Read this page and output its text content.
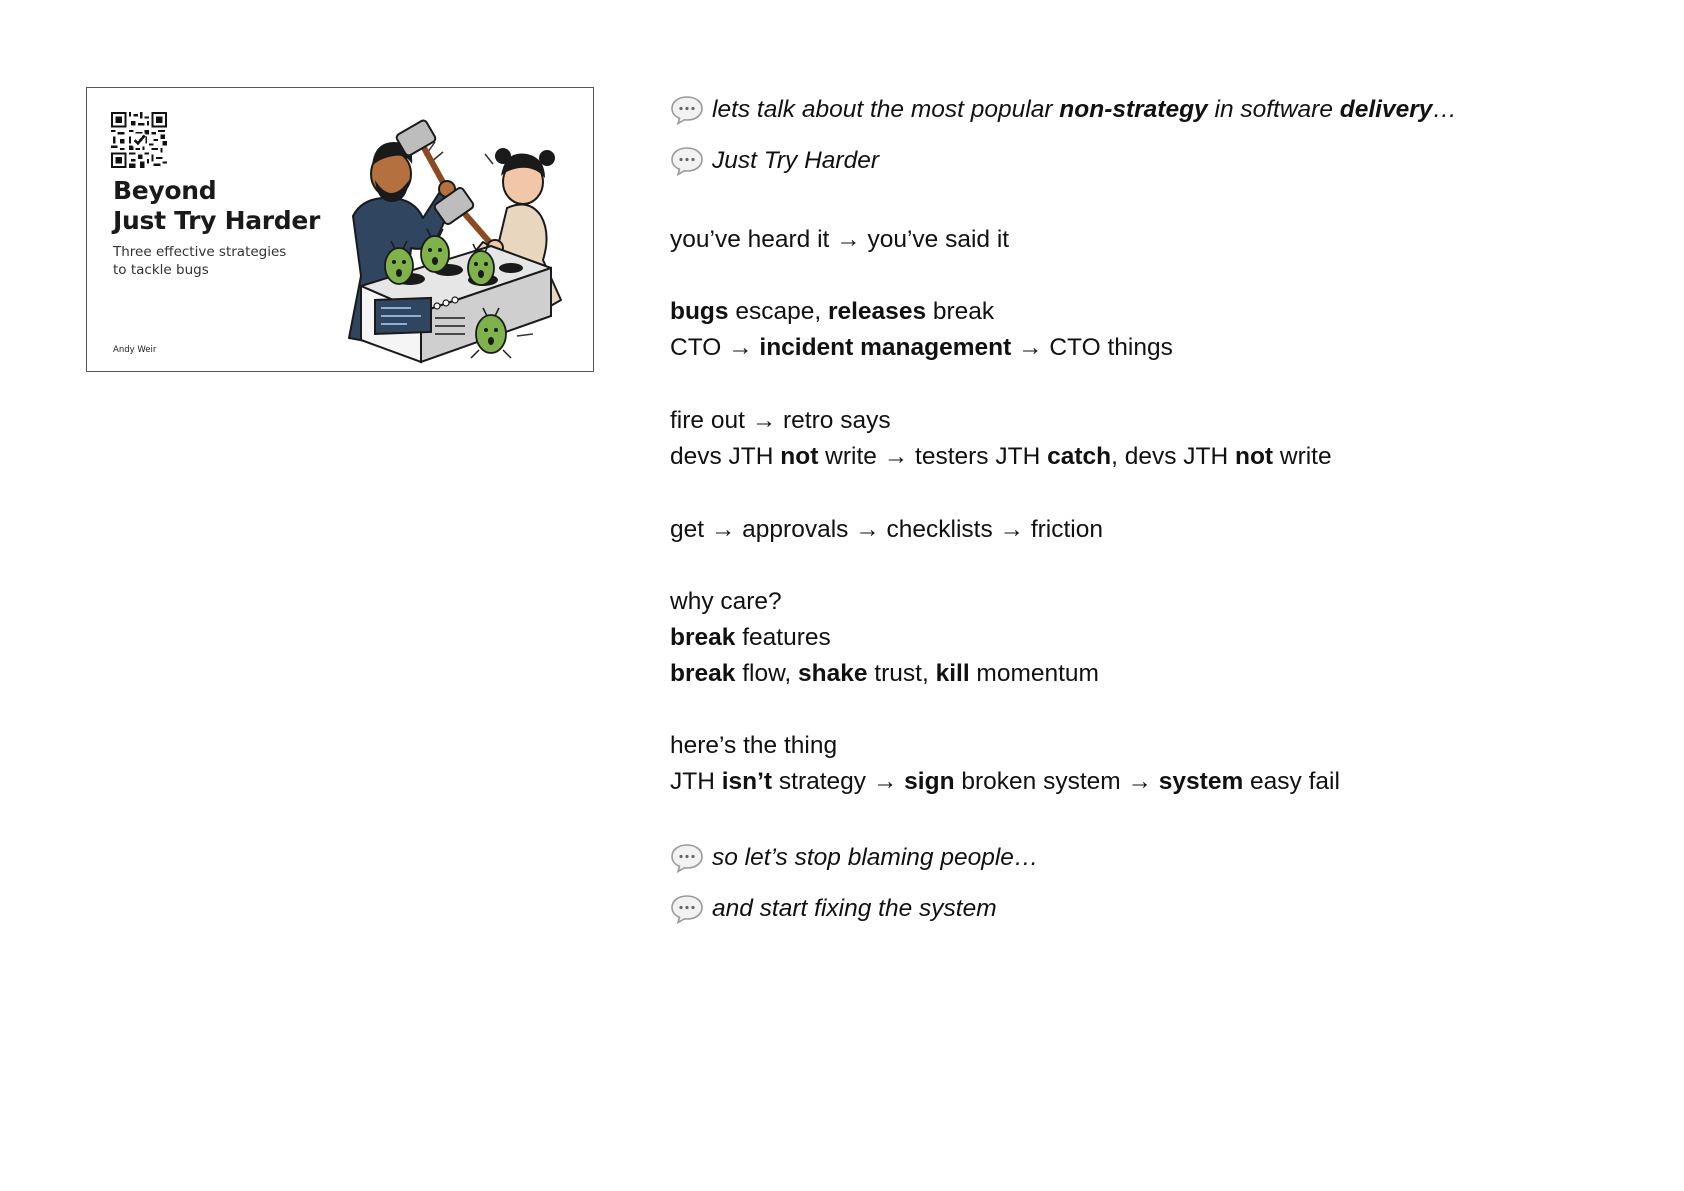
Beyond
Just Try Harder
Three effective strategies to tackle bugs
Andy Weir
lets talk about the most popular non-strategy in software delivery…
Just Try Harder
you’ve heard it → you’ve said it
bugs escape, releases break
CTO → incident management → CTO things
fire out → retro says
devs JTH not write → testers JTH catch, devs JTH not write
get → approvals → checklists → friction
why care?
break features
break flow, shake trust, kill momentum
here’s the thing
JTH isn’t strategy → sign broken system → system easy fail
so let’s stop blaming people…
and start fixing the system
